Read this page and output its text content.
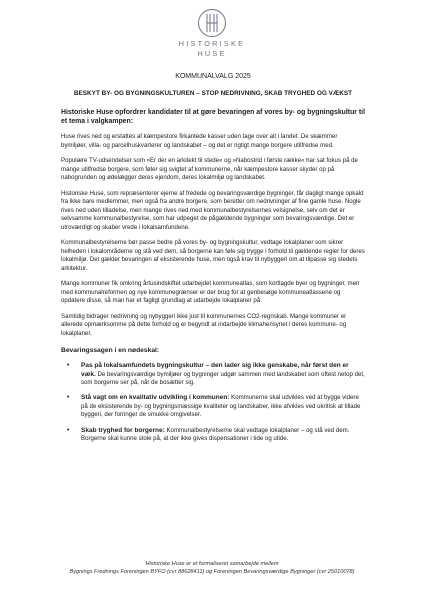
HISTORISKE
HUSE

KOMMUNALVALG 2025

BESKYT BY- OG BYGNINGSKULTUREN – STOP NEDRIVNING, SKAB TRYGHED OG VÆKST

Historiske Huse opfordrer kandidater til at gøre bevaringen af vores by- og bygningskultur til et tema i valgkampen:

Huse rives ned og erstattes af kæmpestore firkantede kasser uden tage over alt i landet. De skæmmer bymiljøer, villa- og parcelhuskvarterer og landskabet – og det er rigtigt mange borgere utilfredse med.

Populære TV-udsendelser som »Er der en arkitekt til stede« og »Nabostrid i første række« har sat fokus på de mange utilfredse borgere, som føler sig svigtet af kommunerne, når kæmpestore kasser skyder op på nabogrunden og ødelægger deres ejendom, deres lokalmiljø og landskabet.

Historiske Huse, som repræsenterer ejerne af fredede og bevaringsværdige bygninger, får dagligt mange opkald fra ikke bare medlemmer, men også fra andre borgere, som beretter om nedrivninger af fine gamle huse. Nogle rives ned uden tilladelse, men mange rives ned med kommunalbestyrelsernes velsignelse, selv om det er selvsamme kommunalbestyrelse, som har udpeget de pågældende bygninger som bevaringsværdige. Det er utroværdigt og skaber vrede i lokalsamfundene.

Kommunalbestyrelserne bør passe bedre på vores by- og bygningskultur, vedtage lokalplaner som sikrer helheden i lokalområderne og stå ved dem, så borgerne kan føle sig trygge i forhold til gældende regler for deres lokalmiljø. Det gælder bevaringen af eksisterende huse, men også krav til nybyggeri om at tilpasse sig stedets arkitektur.

Mange kommuner fik omkring årtusindskiftet udarbejdet kommuneatlas, som kortlagde byer og bygninger, men med kommunalreformen og nye kommunegrænser er der brug for at genbesøge kommuneatlassene og opdatere disse, så man har et fagligt grundlag at udarbejde lokalplaner på.

Samtidig bidrager nedrivning og nybyggeri ikke just til kommunernes CO2-regnskab. Mange kommuner er allerede opmærksomme på dette forhold og er begyndt at indarbejde klimahensynet i deres kommune- og lokalplaner.

Bevaringssagen i en nødeskal:

• Pas på lokalsamfundets bygningskultur – den lader sig ikke genskabe, når først den er væk. De bevaringsværdige bymiljøer og bygninger udgør sammen med landskabet som oftest netop det, som borgerne ser på, når de bosætter sig.
• Stå vagt om en kvalitativ udvikling i kommunen: Kommunerne skal udvikles ved at bygge videre på de eksisterende by- og bygningsmæssige kvaliteter og landskaber, ikke afvikles ved ukritisk at tillade byggeri, der forringer de smukke omgivelser.
• Skab tryghed for borgerne: Kommunalbestyrelserne skal vedtage lokalplaner – og stå ved dem. Borgerne skal kunne stole på, at der ikke gives dispensationer i tide og utide.
Historiske Huse er et formaliseret samarbejde mellem
Bygnings Frednings Foreningen BYFO (cvr 88628411) og Foreningen Bevaringsværdige Bygninger (cvr 25010078)
